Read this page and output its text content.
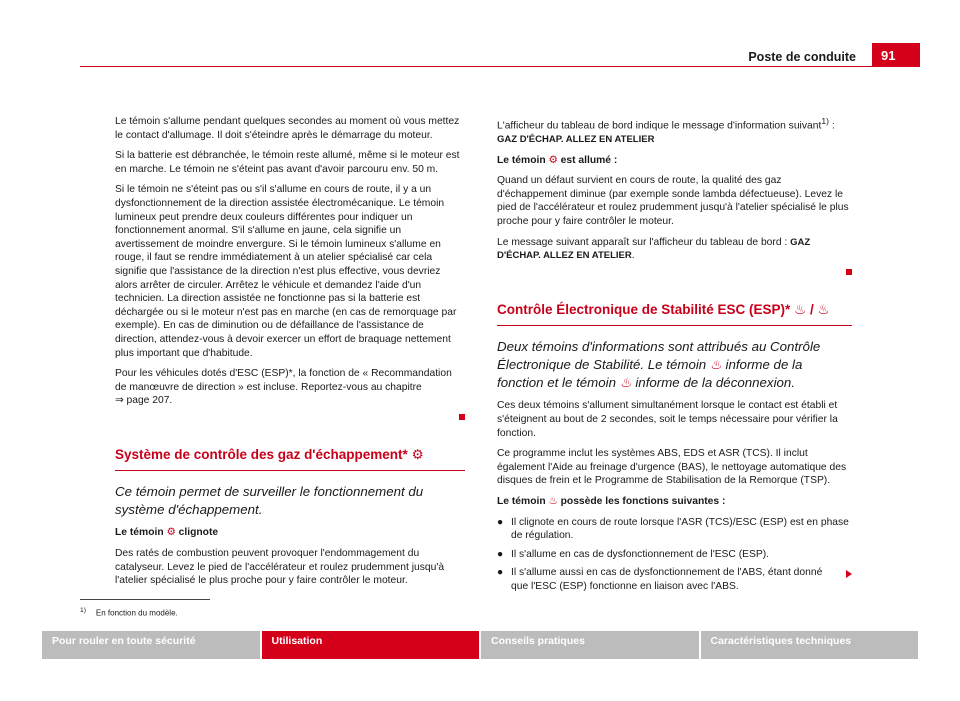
Poste de conduite	91

Le témoin s'allume pendant quelques secondes au moment où vous mettez le contact d'allumage. Il doit s'éteindre après le démarrage du moteur.

Si la batterie est débranchée, le témoin reste allumé, même si le moteur est en marche. Le témoin ne s'éteint pas avant d'avoir parcouru env. 50 m.

Si le témoin ne s'éteint pas ou s'il s'allume en cours de route, il y a un dysfonctionnement de la direction assistée électromécanique. Le témoin lumineux peut prendre deux couleurs différentes pour indiquer un fonctionnement anormal. S'il s'allume en jaune, cela signifie un avertissement de moindre envergure. Si le témoin lumineux s'allume en rouge, il faut se rendre immédiatement à un atelier spécialisé car cela signifie que l'assistance de la direction n'est plus effective, vous devriez alors arrêter de circuler. Arrêtez le véhicule et demandez l'aide d'un technicien. La direction assistée ne fonctionne pas si la batterie est déchargée ou si le moteur n'est pas en marche (en cas de remorquage par exemple). En cas de diminution ou de défaillance de l'assistance de direction, attendez-vous à devoir exercer un effort de braquage nettement plus important que d'habitude.

Pour les véhicules dotés d'ESC (ESP)*, la fonction de « Recommandation de manœuvre de direction » est incluse. Reportez-vous au chapitre
⇒ page 207.

Système de contrôle des gaz d'échappement* ⚙

Ce témoin permet de surveiller le fonctionnement du système d'échappement.

Le témoin ⚙ clignote

Des ratés de combustion peuvent provoquer l'endommagement du catalyseur. Levez le pied de l'accélérateur et roulez prudemment jusqu'à l'atelier spécialisé le plus proche pour y faire contrôler le moteur.

L'afficheur du tableau de bord indique le message d'information suivant$^{1)}$ :
GAZ D'ÉCHAP. ALLEZ EN ATELIER

Le témoin ⚙ est allumé :

Quand un défaut survient en cours de route, la qualité des gaz d'échappement diminue (par exemple sonde lambda défectueuse). Levez le pied de l'accélérateur et roulez prudemment jusqu'à l'atelier spécialisé le plus proche pour y faire contrôler le moteur.

Le message suivant apparaît sur l'afficheur du tableau de bord : GAZ D'ÉCHAP. ALLEZ EN ATELIER.

Contrôle Électronique de Stabilité ESC (ESP)* ♨ / ♨

Deux témoins d'informations sont attribués au Contrôle Électronique de Stabilité. Le témoin ♨ informe de la fonction et le témoin ♨ informe de la déconnexion.

Ces deux témoins s'allument simultanément lorsque le contact est établi et s'éteignent au bout de 2 secondes, soit le temps nécessaire pour vérifier la fonction.

Ce programme inclut les systèmes ABS, EDS et ASR (TCS). Il inclut également l'Aide au freinage d'urgence (BAS), le nettoyage automatique des disques de frein et le Programme de Stabilisation de la Remorque (TSP).

Le témoin ♨ possède les fonctions suivantes :

● Il clignote en cours de route lorsque l'ASR (TCS)/ESC (ESP) est en phase de régulation.
● Il s'allume en cas de dysfonctionnement de l'ESC (ESP).
● Il s'allume aussi en cas de dysfonctionnement de l'ABS, étant donné que l'ESC (ESP) fonctionne en liaison avec l'ABS.
$^{1)}$ En fonction du modèle.
Pour rouler en toute sécurité	Utilisation	Conseils pratiques	Caractéristiques techniques
